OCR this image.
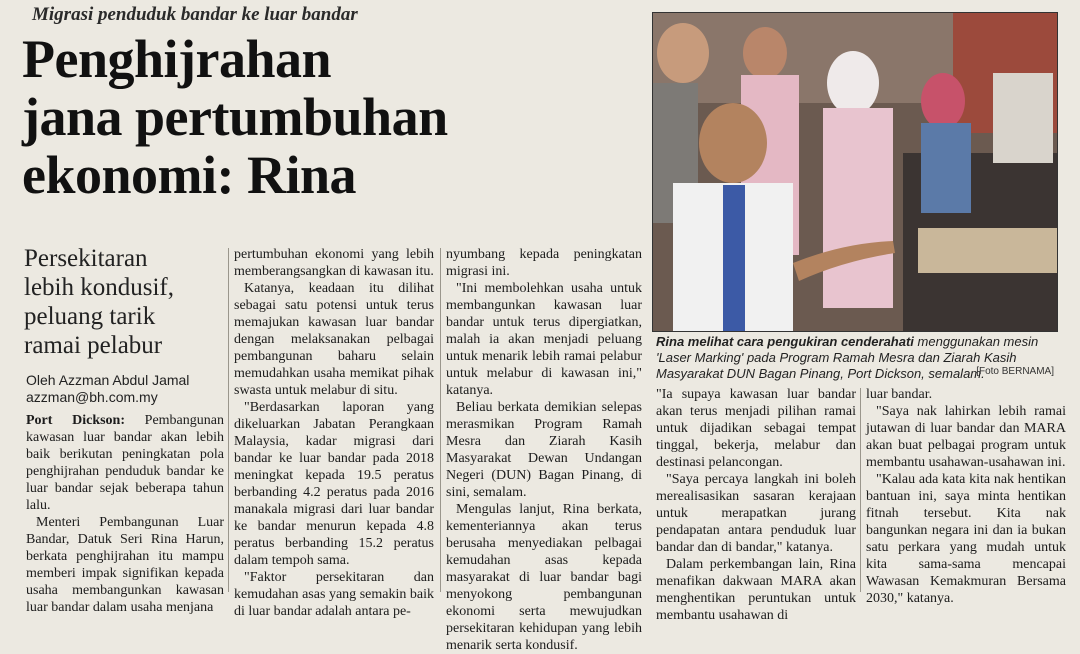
Migrasi penduduk bandar ke luar bandar
Penghijrahan
jana pertumbuhan
ekonomi: Rina
Persekitaran
lebih kondusif,
peluang tarik
ramai pelabur
Oleh Azzman Abdul Jamal
azzman@bh.com.my

Port Dickson: Pembangunan kawasan luar bandar akan lebih baik berikutan peningkatan pola penghijrahan penduduk bandar ke luar bandar sejak beberapa tahun lalu.

Menteri Pembangunan Luar Bandar, Datuk Seri Rina Harun, berkata penghijrahan itu mampu memberi impak signifikan kepada usaha membangunkan kawasan luar bandar dalam usaha menjana

pertumbuhan ekonomi yang lebih memberangsangkan di kawasan itu.

Katanya, keadaan itu dilihat sebagai satu potensi untuk terus memajukan kawasan luar bandar dengan melaksanakan pelbagai pembangunan baharu selain memudahkan usaha memikat pihak swasta untuk melabur di situ.

"Berdasarkan laporan yang dikeluarkan Jabatan Perangkaan Malaysia, kadar migrasi dari bandar ke luar bandar pada 2018 meningkat kepada 19.5 peratus berbanding 4.2 peratus pada 2016 manakala migrasi dari luar bandar ke bandar menurun kepada 4.8 peratus berbanding 15.2 peratus dalam tempoh sama.

"Faktor persekitaran dan kemudahan asas yang semakin baik di luar bandar adalah antara pe-

nyumbang kepada peningkatan migrasi ini.

"Ini membolehkan usaha untuk membangunkan kawasan luar bandar untuk terus dipergiatkan, malah ia akan menjadi peluang untuk menarik lebih ramai pelabur untuk melabur di kawasan ini," katanya.

Beliau berkata demikian selepas merasmikan Program Ramah Mesra dan Ziarah Kasih Masyarakat Dewan Undangan Negeri (DUN) Bagan Pinang, di sini, semalam.

Mengulas lanjut, Rina berkata, kementeriannya akan terus berusaha menyediakan pelbagai kemudahan asas kepada masyarakat di luar bandar bagi menyokong pembangunan ekonomi serta mewujudkan persekitaran kehidupan yang lebih menarik serta kondusif.

Rina melihat cara pengukiran cenderahati menggunakan mesin 'Laser Marking' pada Program Ramah Mesra dan Ziarah Kasih Masyarakat DUN Bagan Pinang, Port Dickson, semalam.
[Foto BERNAMA]

"Ia supaya kawasan luar bandar akan terus menjadi pilihan ramai untuk dijadikan sebagai tempat tinggal, bekerja, melabur dan destinasi pelancongan.

"Saya percaya langkah ini boleh merealisasikan sasaran kerajaan untuk merapatkan jurang pendapatan antara penduduk luar bandar dan di bandar," katanya.

Dalam perkembangan lain, Rina menafikan dakwaan MARA akan menghentikan peruntukan untuk membantu usahawan di

luar bandar.

"Saya nak lahirkan lebih ramai jutawan di luar bandar dan MARA akan buat pelbagai program untuk membantu usahawan-usahawan ini.

"Kalau ada kata kita nak hentikan bantuan ini, saya minta hentikan fitnah tersebut. Kita nak bangunkan negara ini dan ia bukan satu perkara yang mudah untuk kita sama-sama mencapai Wawasan Kemakmuran Bersama 2030," katanya.
